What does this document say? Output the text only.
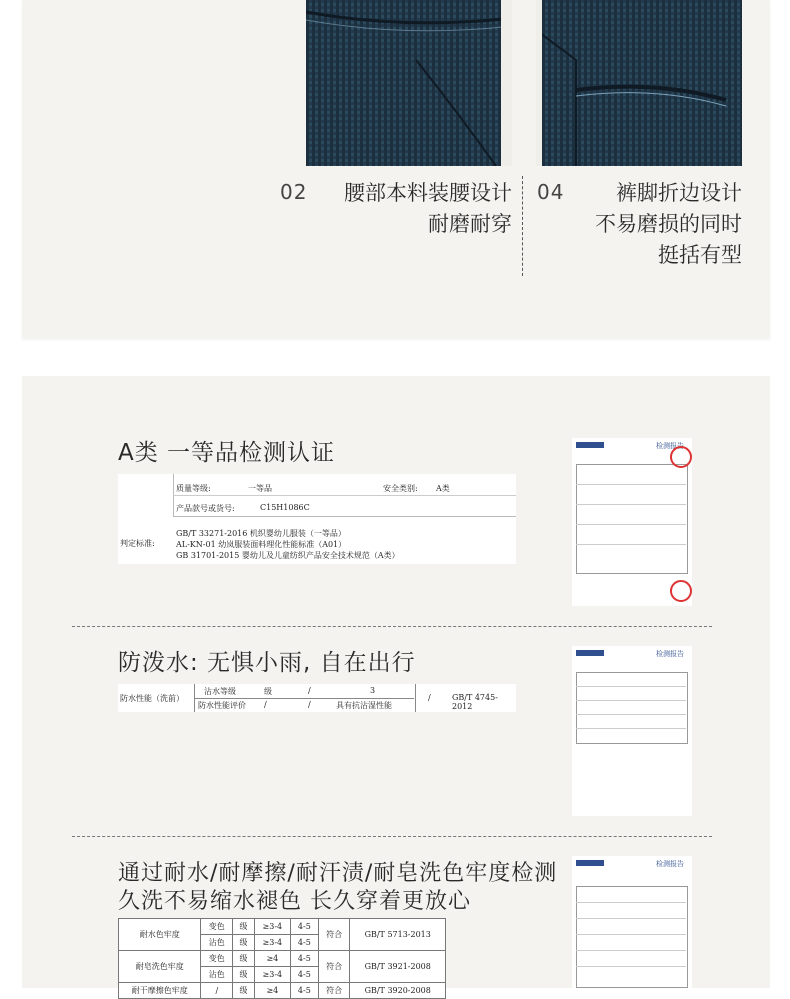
02	腰部本料装腰设计
耐磨耐穿
04	裤脚折边设计
不易磨损的同时
挺括有型
A类 一等品检测认证
质量等级:	一等品	安全类别: A类
产品款号或货号:	C15H1086C
判定标准:
GB/T 33271-2016 机织婴幼儿服装（一等品）
AL-KN-01 幼岚服装面料理化性能标准（A01）
GB 31701-2015 婴幼儿及儿童纺织产品安全技术规范（A类）
检测报告
防泼水: 无惧小雨, 自在出行
防水性能（洗前）
沾水等级	级	/	3
防水性能评价 /	/	具有抗沾湿性能
/	GB/T 4745-2012
检测报告
通过耐水/耐摩擦/耐汗渍/耐皂洗色牢度检测
久洗不易缩水褪色 长久穿着更放心
耐水色牢度	变色	级	≥3-4	4-5	符合	GB/T 5713-2013
	沾色	级	≥3-4	4-5		
耐皂洗色牢度	变色	级	≥4	4-5	符合	GB/T 3921-2008
	沾色	级	≥3-4	4-5		
耐干摩擦色牢度	/	级	≥4	4-5	符合	GB/T 3920-2008
检测报告
